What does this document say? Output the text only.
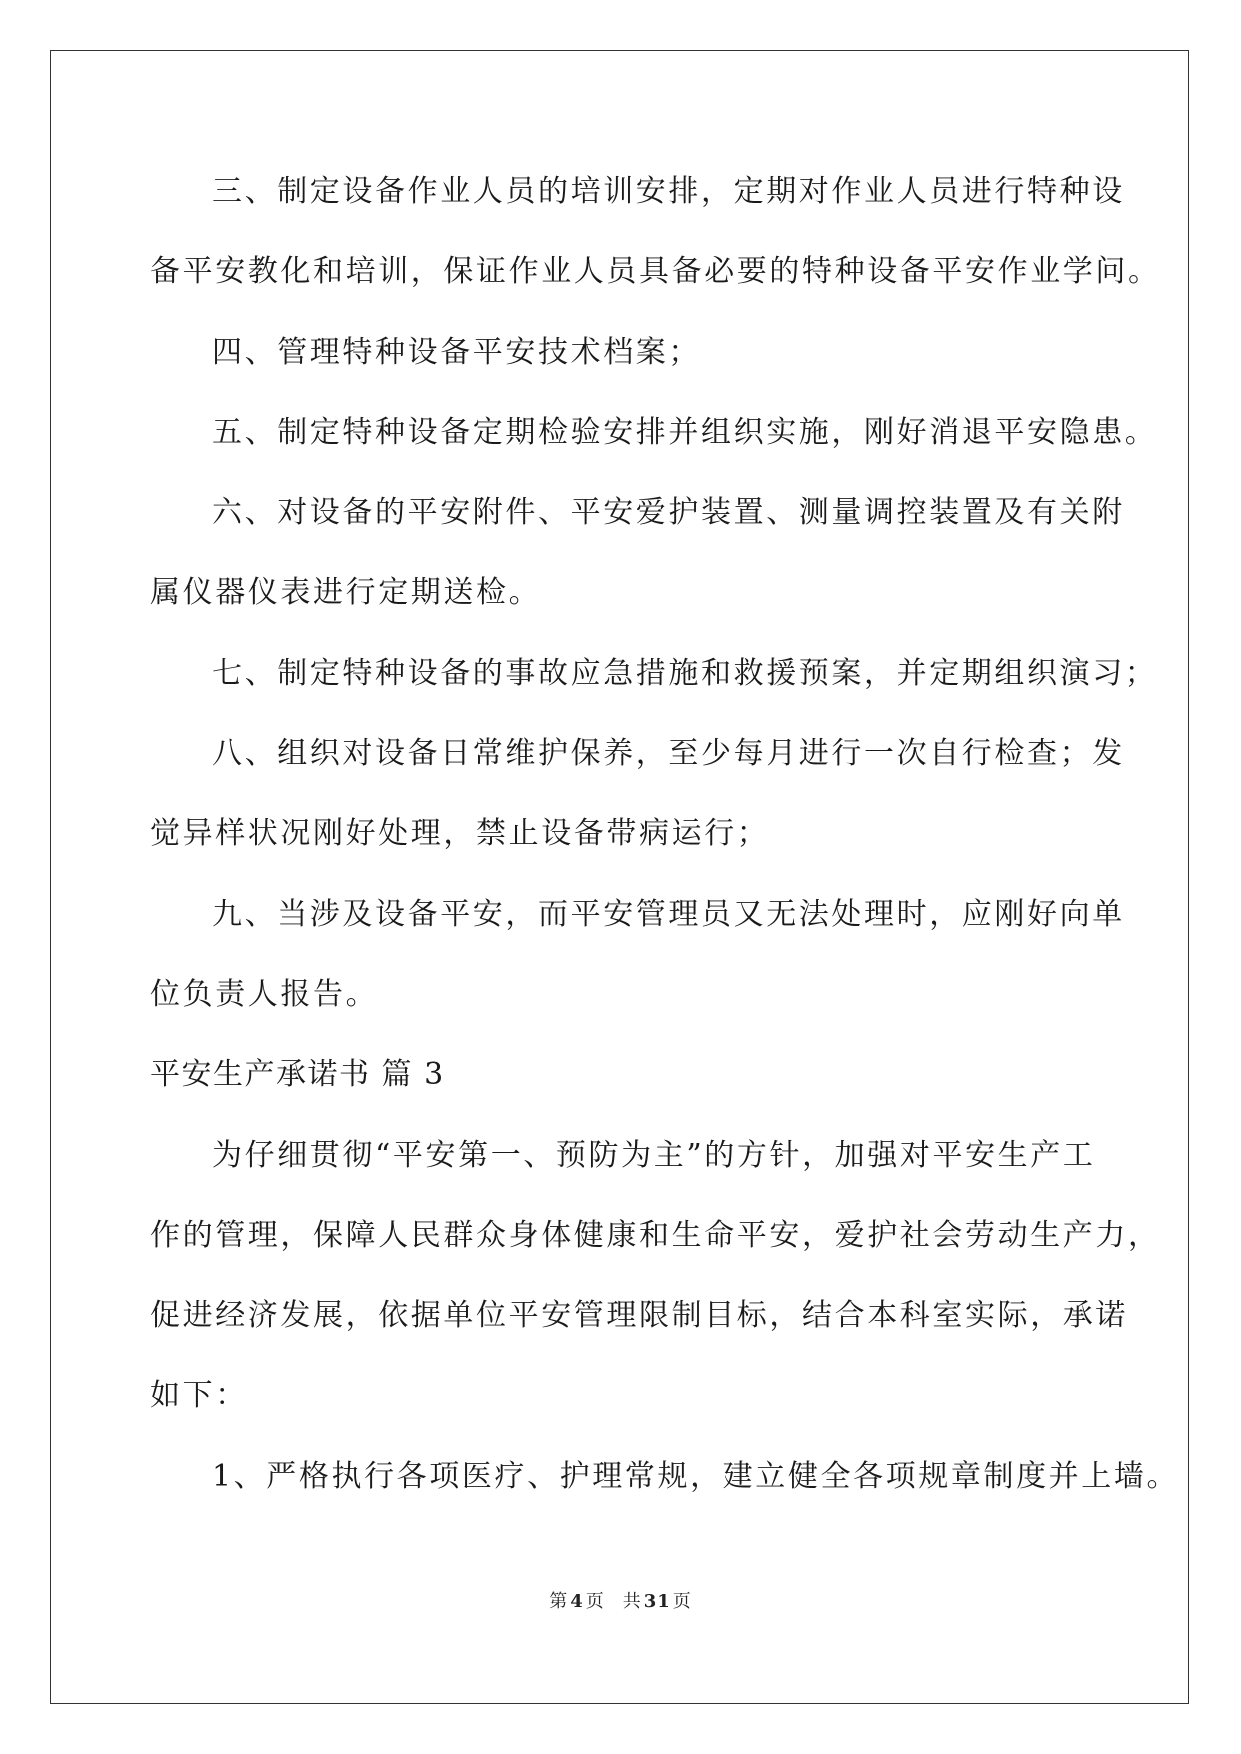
三、制定设备作业人员的培训安排，定期对作业人员进行特种设
备平安教化和培训，保证作业人员具备必要的特种设备平安作业学问。
四、管理特种设备平安技术档案；
五、制定特种设备定期检验安排并组织实施，刚好消退平安隐患。
六、对设备的平安附件、平安爱护装置、测量调控装置及有关附
属仪器仪表进行定期送检。
七、制定特种设备的事故应急措施和救援预案，并定期组织演习；
八、组织对设备日常维护保养，至少每月进行一次自行检查；发
觉异样状况刚好处理，禁止设备带病运行；
九、当涉及设备平安，而平安管理员又无法处理时，应刚好向单
位负责人报告。
平安生产承诺书 篇 3
为仔细贯彻“平安第一、预防为主”的方针，加强对平安生产工
作的管理，保障人民群众身体健康和生命平安，爱护社会劳动生产力，
促进经济发展，依据单位平安管理限制目标，结合本科室实际，承诺
如下：
1、严格执行各项医疗、护理常规，建立健全各项规章制度并上墙。
第 4 页 共 31 页
